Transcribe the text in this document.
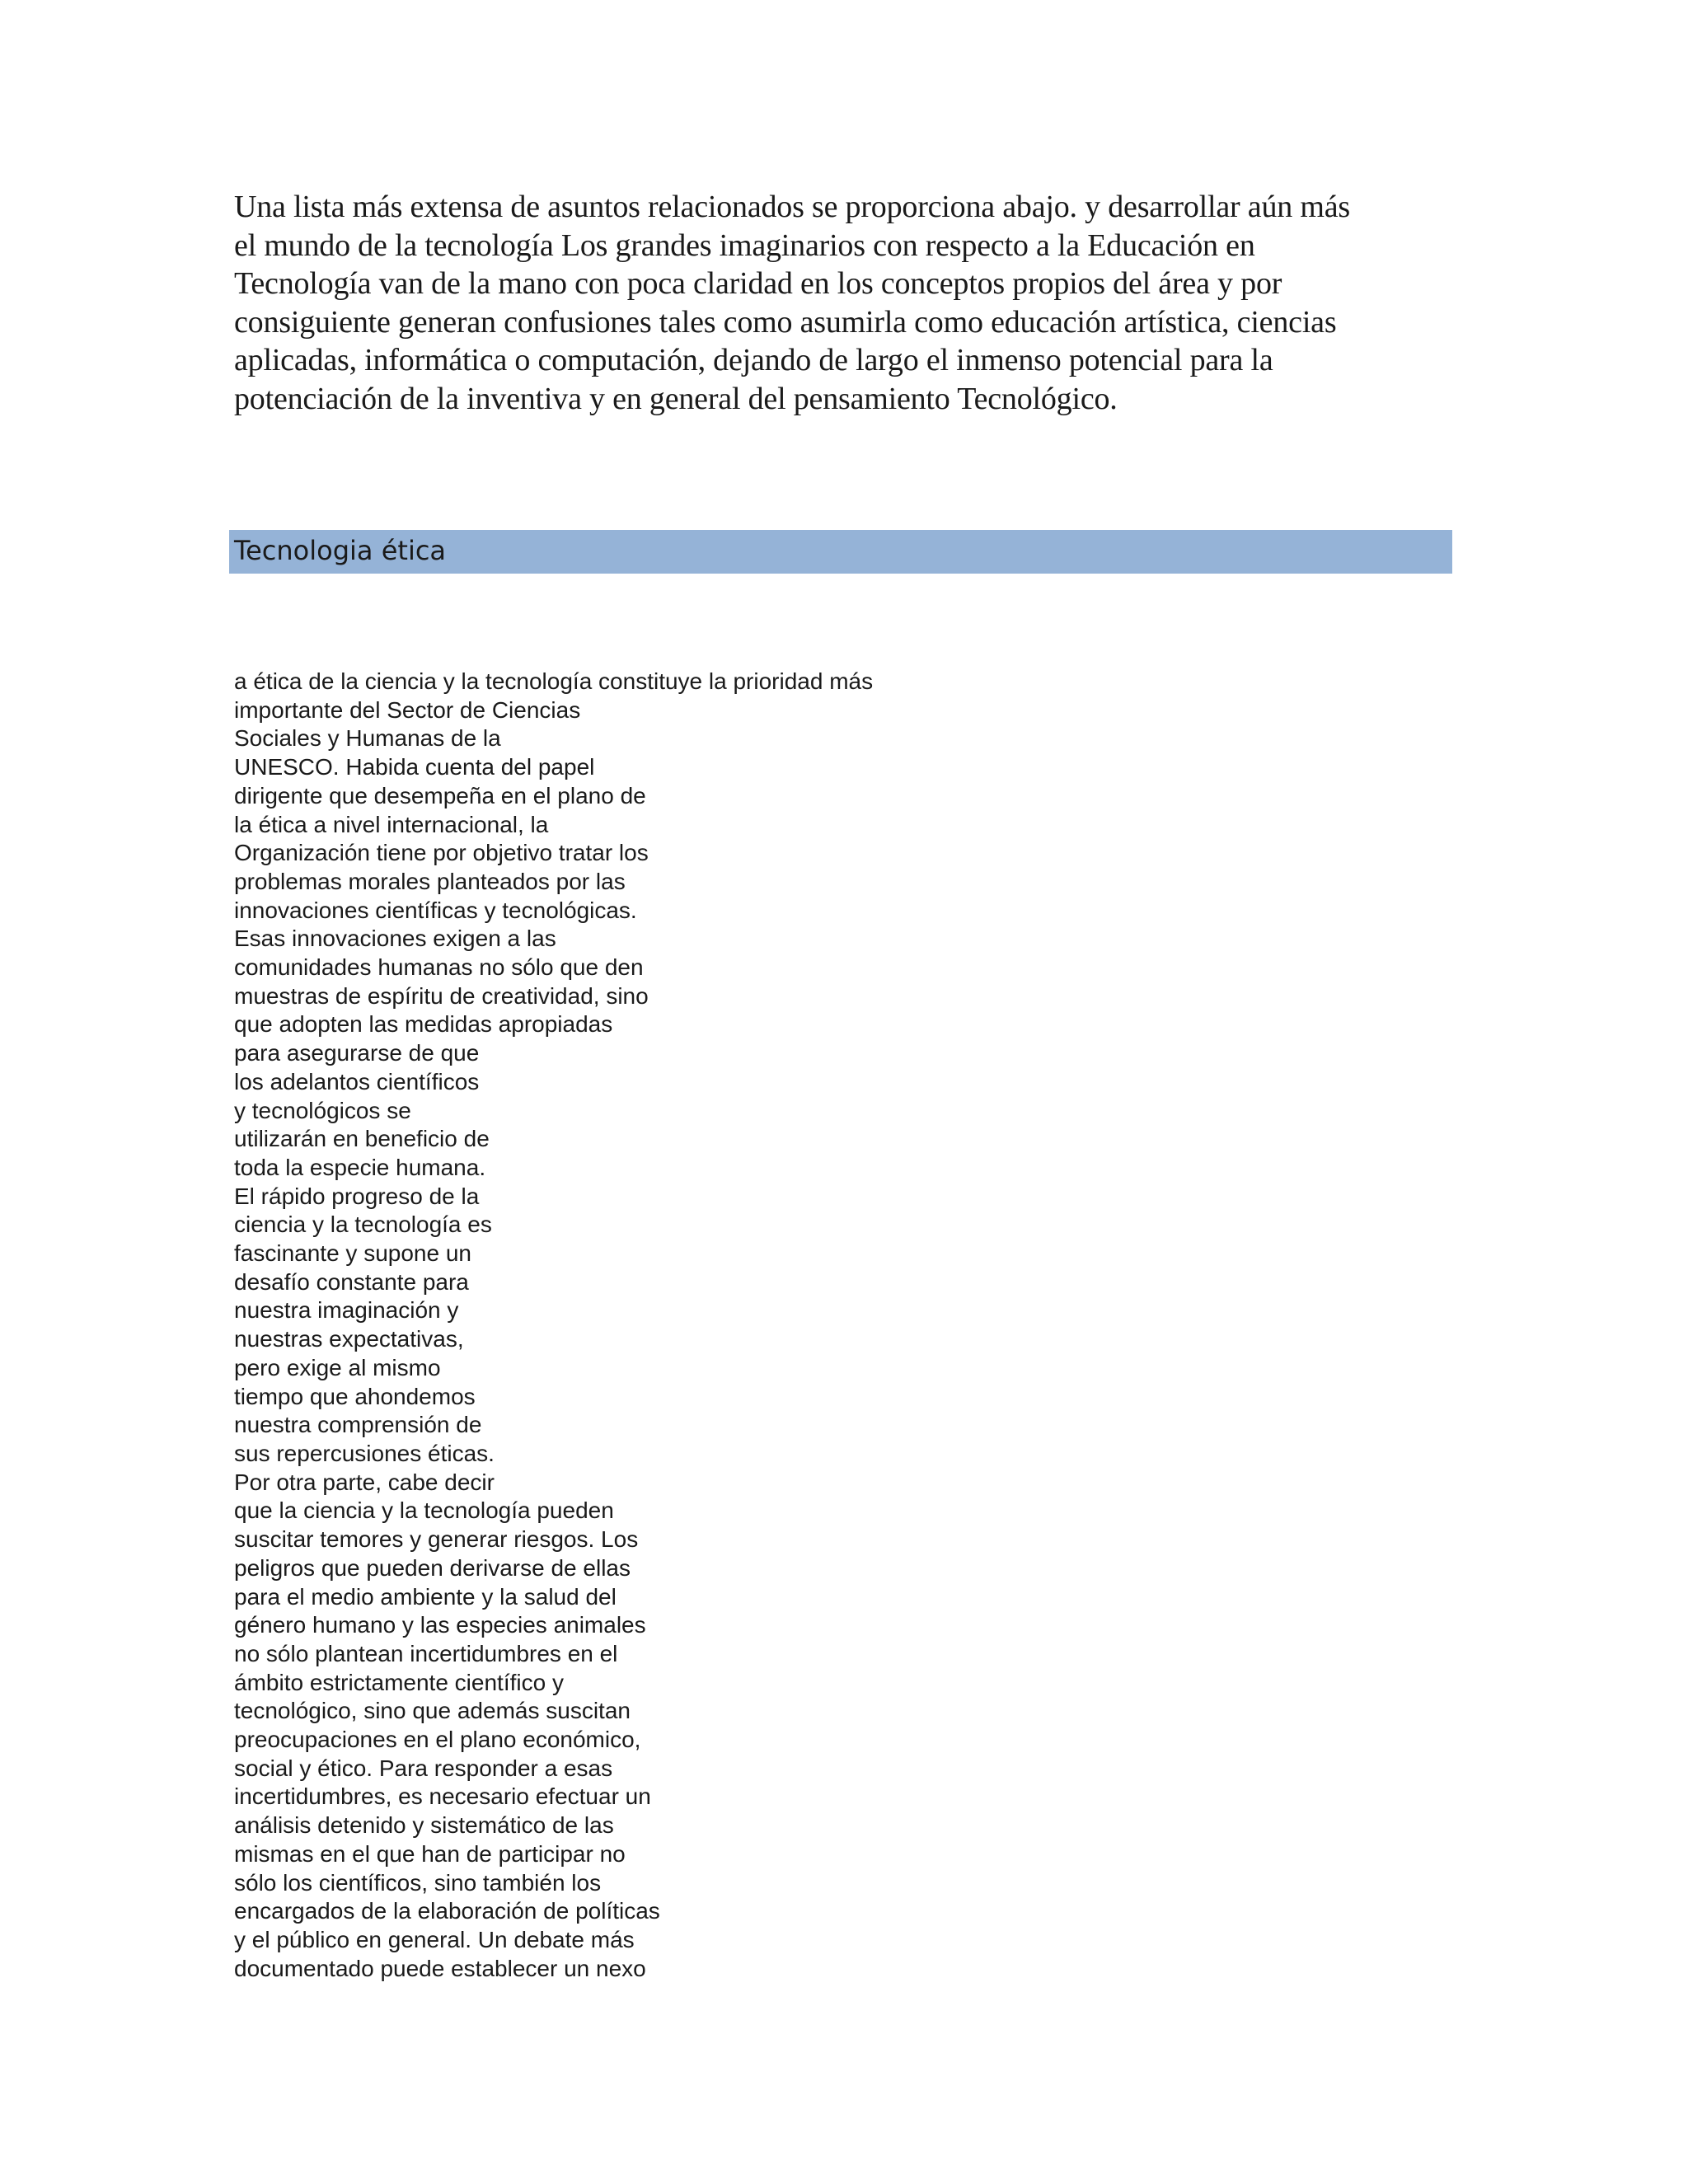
Una lista más extensa de asuntos relacionados se proporciona abajo. y desarrollar aún más
el mundo de la tecnología Los grandes imaginarios con respecto a la Educación en
Tecnología van de la mano con poca claridad en los conceptos propios del área y por
consiguiente generan confusiones tales como asumirla como educación artística, ciencias
aplicadas, informática o computación, dejando de largo el inmenso potencial para la
potenciación de la inventiva y en general del pensamiento Tecnológico.
Tecnologia ética
a ética de la ciencia y la tecnología constituye la prioridad más
importante del Sector de Ciencias
Sociales y Humanas de la
UNESCO. Habida cuenta del papel
dirigente que desempeña en el plano de
la ética a nivel internacional, la
Organización tiene por objetivo tratar los
problemas morales planteados por las
innovaciones científicas y tecnológicas.
Esas innovaciones exigen a las
comunidades humanas no sólo que den
muestras de espíritu de creatividad, sino
que adopten las medidas apropiadas
para asegurarse de que
los adelantos científicos
y tecnológicos se
utilizarán en beneficio de
toda la especie humana.
El rápido progreso de la
ciencia y la tecnología es
fascinante y supone un
desafío constante para
nuestra imaginación y
nuestras expectativas,
pero exige al mismo
tiempo que ahondemos
nuestra comprensión de
sus repercusiones éticas.
Por otra parte, cabe decir
que la ciencia y la tecnología pueden
suscitar temores y generar riesgos. Los
peligros que pueden derivarse de ellas
para el medio ambiente y la salud del
género humano y las especies animales
no sólo plantean incertidumbres en el
ámbito estrictamente científico y
tecnológico, sino que además suscitan
preocupaciones en el plano económico,
social y ético. Para responder a esas
incertidumbres, es necesario efectuar un
análisis detenido y sistemático de las
mismas en el que han de participar no
sólo los científicos, sino también los
encargados de la elaboración de políticas
y el público en general. Un debate más
documentado puede establecer un nexo
